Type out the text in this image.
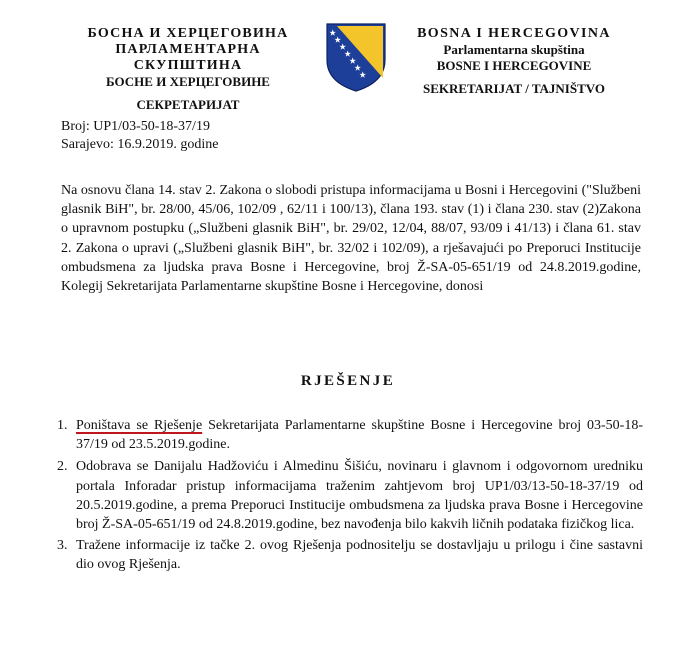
БОСНА И ХЕРЦЕГОВИНА
ПАРЛАМЕНТАРНА СКУПШТИНА
БОСНЕ И ХЕРЦЕГОВИНЕ
СЕКРЕТАРИЈАТ
BOSNA I HERCEGOVINA
Parlamentarna skupština
BOSNE I HERCEGOVINE
SEKRETARIJAT / TAJNIŠTVO
Broj: UP1/03-50-18-37/19
Sarajevo: 16.9.2019. godine
Na osnovu člana 14. stav 2. Zakona o slobodi pristupa informacijama u Bosni i Hercegovini ("Službeni glasnik BiH", br. 28/00, 45/06, 102/09 , 62/11 i 100/13), člana 193. stav (1) i člana 230. stav (2)Zakona o upravnom postupku („Službeni glasnik BiH", br. 29/02, 12/04, 88/07, 93/09 i 41/13) i člana 61. stav 2. Zakona o upravi („Službeni glasnik BiH", br. 32/02 i 102/09), a rješavajući po Preporuci Institucije ombudsmena za ljudska prava Bosne i Hercegovine, broj Ž-SA-05-651/19 od 24.8.2019.godine, Kolegij Sekretarijata Parlamentarne skupštine Bosne i Hercegovine, donosi
RJEŠENJE
1. Poništava se Rješenje Sekretarijata Parlamentarne skupštine Bosne i Hercegovine broj 03-50-18-37/19 od 23.5.2019.godine.
2. Odobrava se Danijalu Hadžoviću i Almedinu Šišiću, novinaru i glavnom i odgovornom uredniku portala Inforadar pristup informacijama traženim zahtjevom broj UP1/03/13-50-18-37/19 od 20.5.2019.godine, a prema Preporuci Institucije ombudsmena za ljudska prava Bosne i Hercegovine broj Ž-SA-05-651/19 od 24.8.2019.godine, bez navođenja bilo kakvih ličnih podataka fizičkog lica.
3. Tražene informacije iz tačke 2. ovog Rješenja podnositelju se dostavljaju u prilogu i čine sastavni dio ovog Rješenja.
